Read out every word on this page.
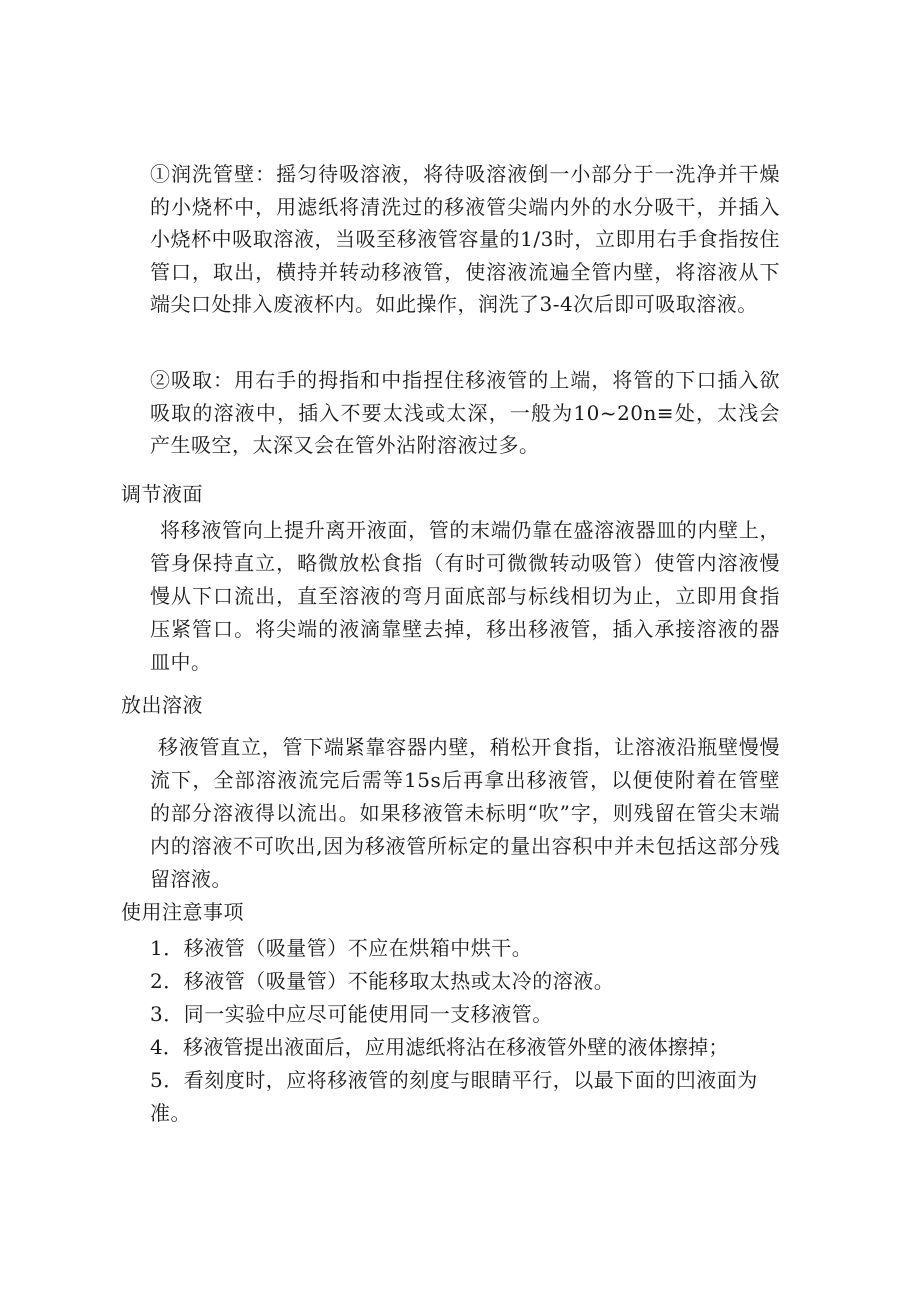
①润洗管壁：摇匀待吸溶液，将待吸溶液倒一小部分于一洗净并干燥的小烧杯中，用滤纸将清洗过的移液管尖端内外的水分吸干，并插入小烧杯中吸取溶液，当吸至移液管容量的1/3时，立即用右手食指按住管口，取出，横持并转动移液管，使溶液流遍全管内壁，将溶液从下端尖口处排入废液杯内。如此操作，润洗了3-4次后即可吸取溶液。

②吸取：用右手的拇指和中指捏住移液管的上端，将管的下口插入欲吸取的溶液中，插入不要太浅或太深，一般为10~20n≡处，太浅会产生吸空，太深又会在管外沾附溶液过多。

调节液面

将移液管向上提升离开液面，管的末端仍靠在盛溶液器皿的内壁上，管身保持直立，略微放松食指（有时可微微转动吸管）使管内溶液慢慢从下口流出，直至溶液的弯月面底部与标线相切为止，立即用食指压紧管口。将尖端的液滴靠壁去掉，移出移液管，插入承接溶液的器皿中。

放出溶液

移液管直立，管下端紧靠容器内壁，稍松开食指，让溶液沿瓶壁慢慢流下，全部溶液流完后需等15s后再拿出移液管，以便使附着在管壁的部分溶液得以流出。如果移液管未标明“吹”字，则残留在管尖末端内的溶液不可吹出,因为移液管所标定的量出容积中并未包括这部分残留溶液。

使用注意事项
1．移液管（吸量管）不应在烘箱中烘干。
2．移液管（吸量管）不能移取太热或太冷的溶液。
3．同一实验中应尽可能使用同一支移液管。
4．移液管提出液面后，应用滤纸将沾在移液管外壁的液体擦掉；
5．看刻度时，应将移液管的刻度与眼睛平行，以最下面的凹液面为准。
